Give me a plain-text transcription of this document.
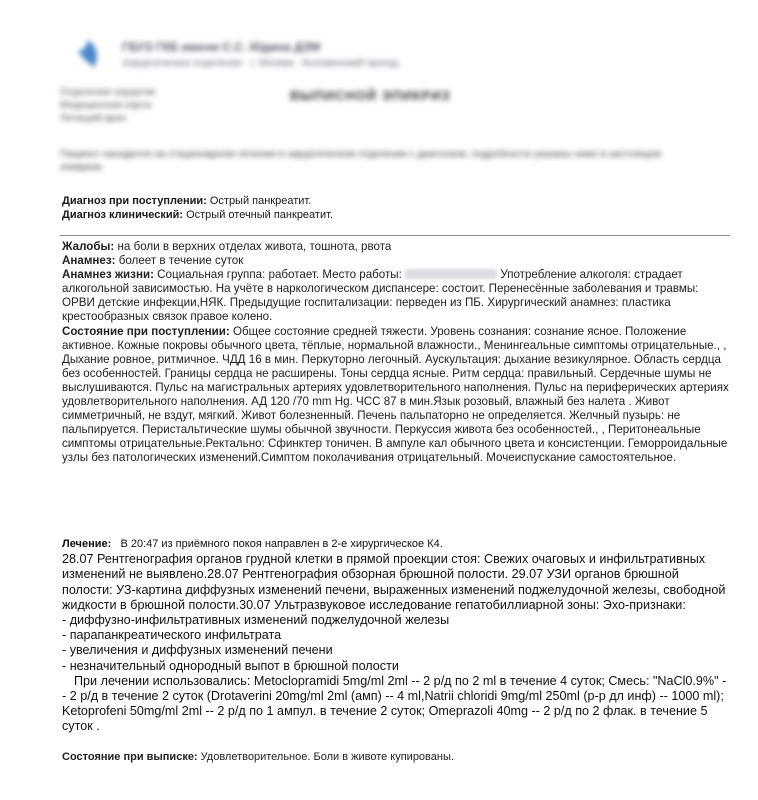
ГБУЗ ГКБ имени С.С. Юдина ДЗМ
Хирургическое отделение · г. Москва · Коломенский проезд
Отделение хирургии
Медицинская карта
Лечащий врач
ВЫПИСНОЙ ЭПИКРИЗ
Пациент находился на стационарном лечении в хирургическом отделении с диагнозом, подробности указаны ниже в настоящем эпикризе.
Диагноз при поступлении: Острый панкреатит.
Диагноз клинический: Острый отечный панкреатит.

Жалобы: на боли в верхних отделах живота, тошнота, рвота

Анамнез: болеет в течение суток

Анамнез жизни: Социальная группа: работает. Место работы:	Употребление алкоголя: страдает алкогольной зависимостью. На учёте в наркологическом диспансере: состоит. Перенесённые заболевания и травмы: ОРВИ детские инфекции,НЯК. Предыдущие госпитализации: перведен из ПБ. Хирургический анамнез: пластика крестообразных связок правое колено.

Состояние при поступлении: Общее состояние средней тяжести. Уровень сознания: сознание ясное. Положение активное. Кожные покровы обычного цвета, тёплые, нормальной влажности., Менингеальные симптомы отрицательные., ,

Дыхание ровное, ритмичное. ЧДД 16 в мин. Перкуторно легочный. Аускультация: дыхание везикулярное. Область сердца без особенностей. Границы сердца не расширены. Тоны сердца ясные. Ритм сердца: правильный. Сердечные шумы не выслушиваются. Пульс на магистральных артериях удовлетворительного наполнения. Пульс на периферических артериях удовлетворительного наполнения. АД 120 /70 mm Hg. ЧСС 87 в мин.Язык розовый, влажный без налета . Живот симметричный, не вздут, мягкий. Живот болезненный. Печень пальпаторно не определяется. Желчный пузырь: не пальпируется. Перистальтические шумы обычной звучности. Перкуссия живота без особенностей., , Перитонеальные симптомы отрицательные.Ректально: Сфинктер тоничен. В ампуле кал обычного цвета и консистенции. Геморроидальные узлы без патологических изменений.Симптом поколачивания отрицательный. Мочеиспускание самостоятельное.

Лечение: В 20:47 из приёмного покоя направлен в 2-е хирургическое К4.

28.07 Рентгенография органов грудной клетки в прямой проекции стоя: Свежих очаговых и инфильтративных изменений не выявлено.28.07 Рентгенография обзорная брюшной полости. 29.07 УЗИ органов брюшной полости: УЗ-картина диффузных изменений печени, выраженных изменений поджелудочной железы, свободной жидкости в брюшной полости.30.07 Ультразвуковое исследование гепатобиллиарной зоны: Эхо-признаки:

- диффузно-инфильтративных изменений поджелудочной железы

- парапанкреатического инфильтрата

- увеличения и диффузных изменений печени

- незначительный однородный выпот в брюшной полости

При лечении использовались: Metoclopramidi 5mg/ml 2ml -- 2 р/д по 2 ml в течение 4 суток; Смесь: "NaCl0.9%" -- 2 р/д в течение 2 суток (Drotaverini 20mg/ml 2ml (амп) -- 4 ml,Natrii chloridi 9mg/ml 250ml (р-р дл инф) -- 1000 ml); Ketoprofeni 50mg/ml 2ml -- 2 р/д по 1 ампул. в течение 2 суток; Omeprazoli 40mg -- 2 р/д по 2 флак. в течение 5 суток .

Состояние при выписке: Удовлетворительное. Боли в животе купированы.
